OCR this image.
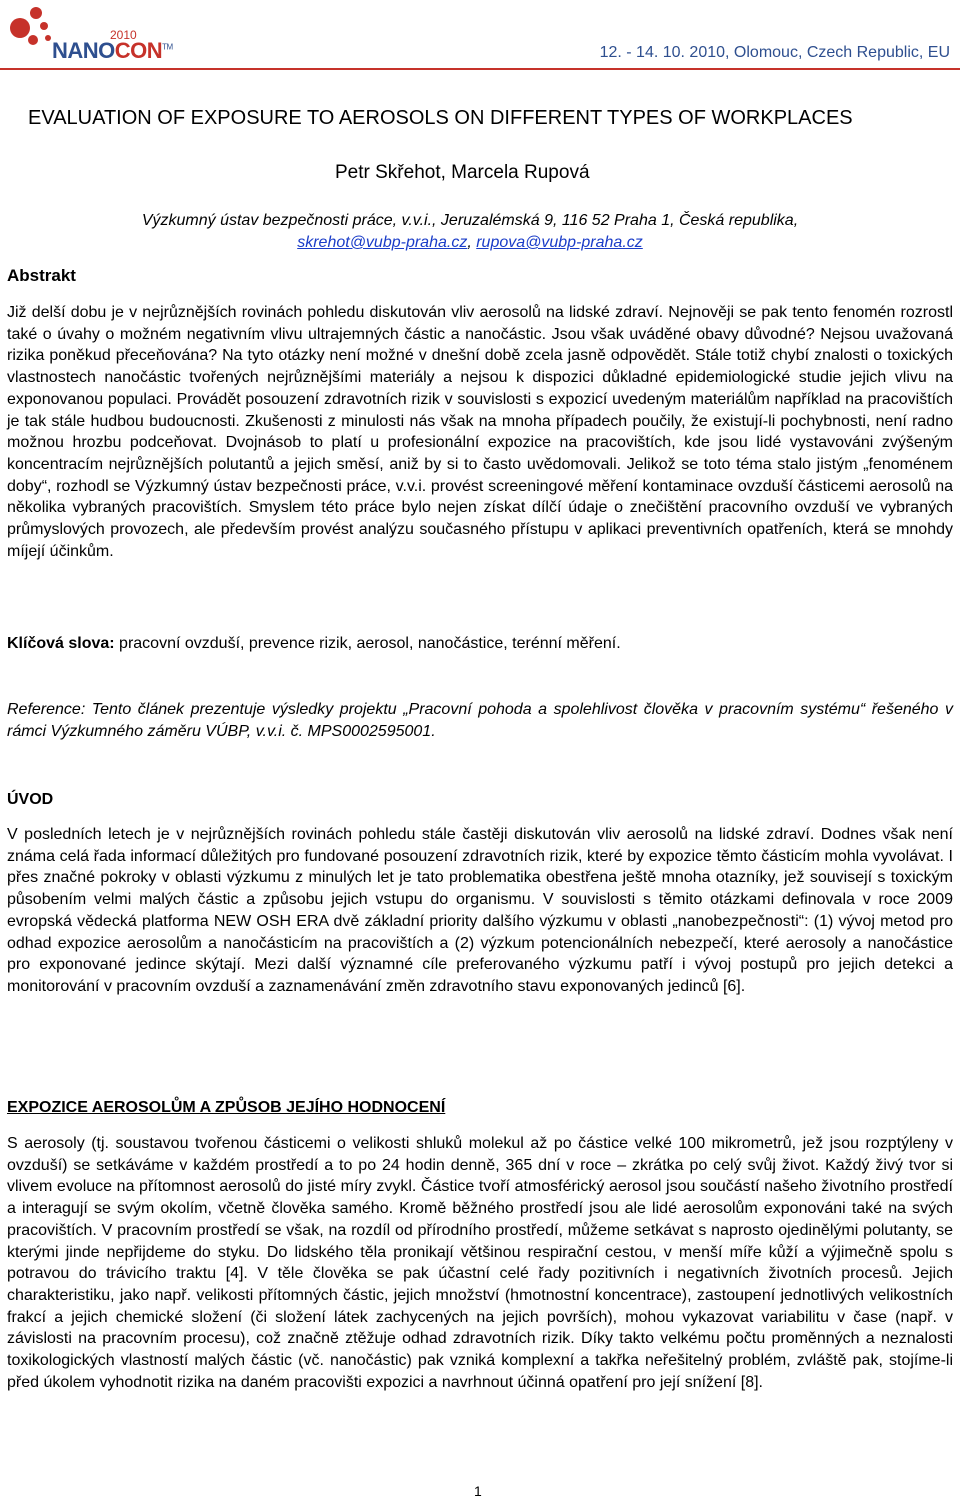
2010
NANOCON™	12. - 14. 10. 2010, Olomouc, Czech Republic, EU
EVALUATION OF EXPOSURE TO AEROSOLS ON DIFFERENT TYPES OF WORKPLACES
Petr Skřehot, Marcela Rupová
Výzkumný ústav bezpečnosti práce, v.v.i., Jeruzalémská 9, 116 52 Praha 1, Česká republika,
skrehot@vubp-praha.cz, rupova@vubp-praha.cz
Abstrakt
Již delší dobu je v nejrůznějších rovinách pohledu diskutován vliv aerosolů na lidské zdraví. Nejnověji se pak tento fenomén rozrostl také o úvahy o možném negativním vlivu ultrajemných částic a nanočástic. Jsou však uváděné obavy důvodné? Nejsou uvažovaná rizika poněkud přeceňována? Na tyto otázky není možné v dnešní době zcela jasně odpovědět. Stále totiž chybí znalosti o toxických vlastnostech nanočástic tvořených nejrůznějšími materiály a nejsou k dispozici důkladné epidemiologické studie jejich vlivu na exponovanou populaci. Provádět posouzení zdravotních rizik v souvislosti s expozicí uvedeným materiálům například na pracovištích je tak stále hudbou budoucnosti. Zkušenosti z minulosti nás však na mnoha případech poučily, že existují-li pochybnosti, není radno možnou hrozbu podceňovat. Dvojnásob to platí u profesionální expozice na pracovištích, kde jsou lidé vystavováni zvýšeným koncentracím nejrůznějších polutantů a jejich směsí, aniž by si to často uvědomovali. Jelikož se toto téma stalo jistým „fenoménem doby“, rozhodl se Výzkumný ústav bezpečnosti práce, v.v.i. provést screeningové měření kontaminace ovzduší částicemi aerosolů na několika vybraných pracovištích. Smyslem této práce bylo nejen získat dílčí údaje o znečištění pracovního ovzduší ve vybraných průmyslových provozech, ale především provést analýzu současného přístupu v aplikaci preventivních opatřeních, která se mnohdy míjejí účinkům.
Klíčová slova: pracovní ovzduší, prevence rizik, aerosol, nanočástice, terénní měření.
Reference: Tento článek prezentuje výsledky projektu „Pracovní pohoda a spolehlivost člověka v pracovním systému“ řešeného v rámci Výzkumného záměru VÚBP, v.v.i. č. MPS0002595001.
ÚVOD
V posledních letech je v nejrůznějších rovinách pohledu stále častěji diskutován vliv aerosolů na lidské zdraví. Dodnes však není známa celá řada informací důležitých pro fundované posouzení zdravotních rizik, které by expozice těmto částicím mohla vyvolávat. I přes značné pokroky v oblasti výzkumu z minulých let je tato problematika obestřena ještě mnoha otazníky, jež souvisejí s toxickým působením velmi malých částic a způsobu jejich vstupu do organismu. V souvislosti s těmito otázkami definovala v roce 2009 evropská vědecká platforma NEW OSH ERA dvě základní priority dalšího výzkumu v oblasti „nanobezpečnosti“: (1) vývoj metod pro odhad expozice aerosolům a nanočásticím na pracovištích a (2) výzkum potencionálních nebezpečí, které aerosoly a nanočástice pro exponované jedince skýtají. Mezi další významné cíle preferovaného výzkumu patří i vývoj postupů pro jejich detekci a monitorování v pracovním ovzduší a zaznamenávání změn zdravotního stavu exponovaných jedinců [6].
EXPOZICE AEROSOLŮM A ZPŮSOB JEJÍHO HODNOCENÍ
S aerosoly (tj. soustavou tvořenou částicemi o velikosti shluků molekul až po částice velké 100 mikrometrů, jež jsou rozptýleny v ovzduší) se setkáváme v každém prostředí a to po 24 hodin denně, 365 dní v roce – zkrátka po celý svůj život. Každý živý tvor si vlivem evoluce na přítomnost aerosolů do jisté míry zvykl. Částice tvoří atmosférický aerosol jsou součástí našeho životního prostředí a interagují se svým okolím, včetně člověka samého. Kromě běžného prostředí jsou ale lidé aerosolům exponováni také na svých pracovištích. V pracovním prostředí se však, na rozdíl od přírodního prostředí, můžeme setkávat s naprosto ojedinělými polutanty, se kterými jinde nepřijdeme do styku. Do lidského těla pronikají většinou respirační cestou, v menší míře kůží a výjimečně spolu s potravou do trávicího traktu [4]. V těle člověka se pak účastní celé řady pozitivních i negativních životních procesů. Jejich charakteristiku, jako např. velikosti přítomných částic, jejich množství (hmotnostní koncentrace), zastoupení jednotlivých velikostních frakcí a jejich chemické složení (či složení látek zachycených na jejich površích), mohou vykazovat variabilitu v čase (např. v závislosti na pracovním procesu), což značně ztěžuje odhad zdravotních rizik. Díky takto velkému počtu proměnných a neznalosti toxikologických vlastností malých částic (vč. nanočástic) pak vzniká komplexní a takřka neřešitelný problém, zvláště pak, stojíme-li před úkolem vyhodnotit rizika na daném pracovišti expozici a navrhnout účinná opatření pro její snížení [8].
1
